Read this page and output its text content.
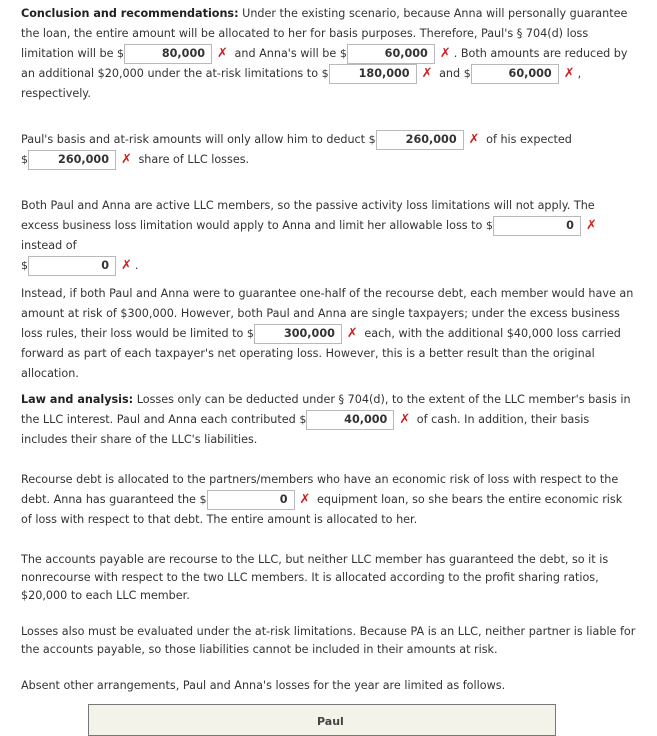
Conclusion and recommendations: Under the existing scenario, because Anna will personally guarantee the loan, the entire amount will be allocated to her for basis purposes. Therefore, Paul's § 704(d) loss limitation will be $	80,000 ✗ and Anna's will be $	60,000 ✗ . Both amounts are reduced by an additional $20,000 under the at-risk limitations to $	180,000 ✗ and $	60,000 ✗ , respectively.

Paul's basis and at-risk amounts will only allow him to deduct $	260,000 ✗ of his expected
$	260,000 ✗ share of LLC losses.

Both Paul and Anna are active LLC members, so the passive activity loss limitations will not apply. The excess business loss limitation would apply to Anna and limit her allowable loss to $	0 ✗ instead of
$	0 ✗ .

Instead, if both Paul and Anna were to guarantee one-half of the recourse debt, each member would have an amount at risk of $300,000. However, both Paul and Anna are single taxpayers; under the excess business loss rules, their loss would be limited to $	300,000 ✗ each, with the additional $40,000 loss carried forward as part of each taxpayer's net operating loss. However, this is a better result than the original allocation.

Law and analysis: Losses only can be deducted under § 704(d), to the extent of the LLC member's basis in the LLC interest. Paul and Anna each contributed $	40,000 ✗ of cash. In addition, their basis includes their share of the LLC's liabilities.

Recourse debt is allocated to the partners/members who have an economic risk of loss with respect to the debt. Anna has guaranteed the $	0 ✗ equipment loan, so she bears the entire economic risk of loss with respect to that debt. The entire amount is allocated to her.

The accounts payable are recourse to the LLC, but neither LLC member has guaranteed the debt, so it is nonrecourse with respect to the two LLC members. It is allocated according to the profit sharing ratios, $20,000 to each LLC member.

Losses also must be evaluated under the at-risk limitations. Because PA is an LLC, neither partner is liable for the accounts payable, so those liabilities cannot be included in their amounts at risk.

Absent other arrangements, Paul and Anna's losses for the year are limited as follows.

Paul
